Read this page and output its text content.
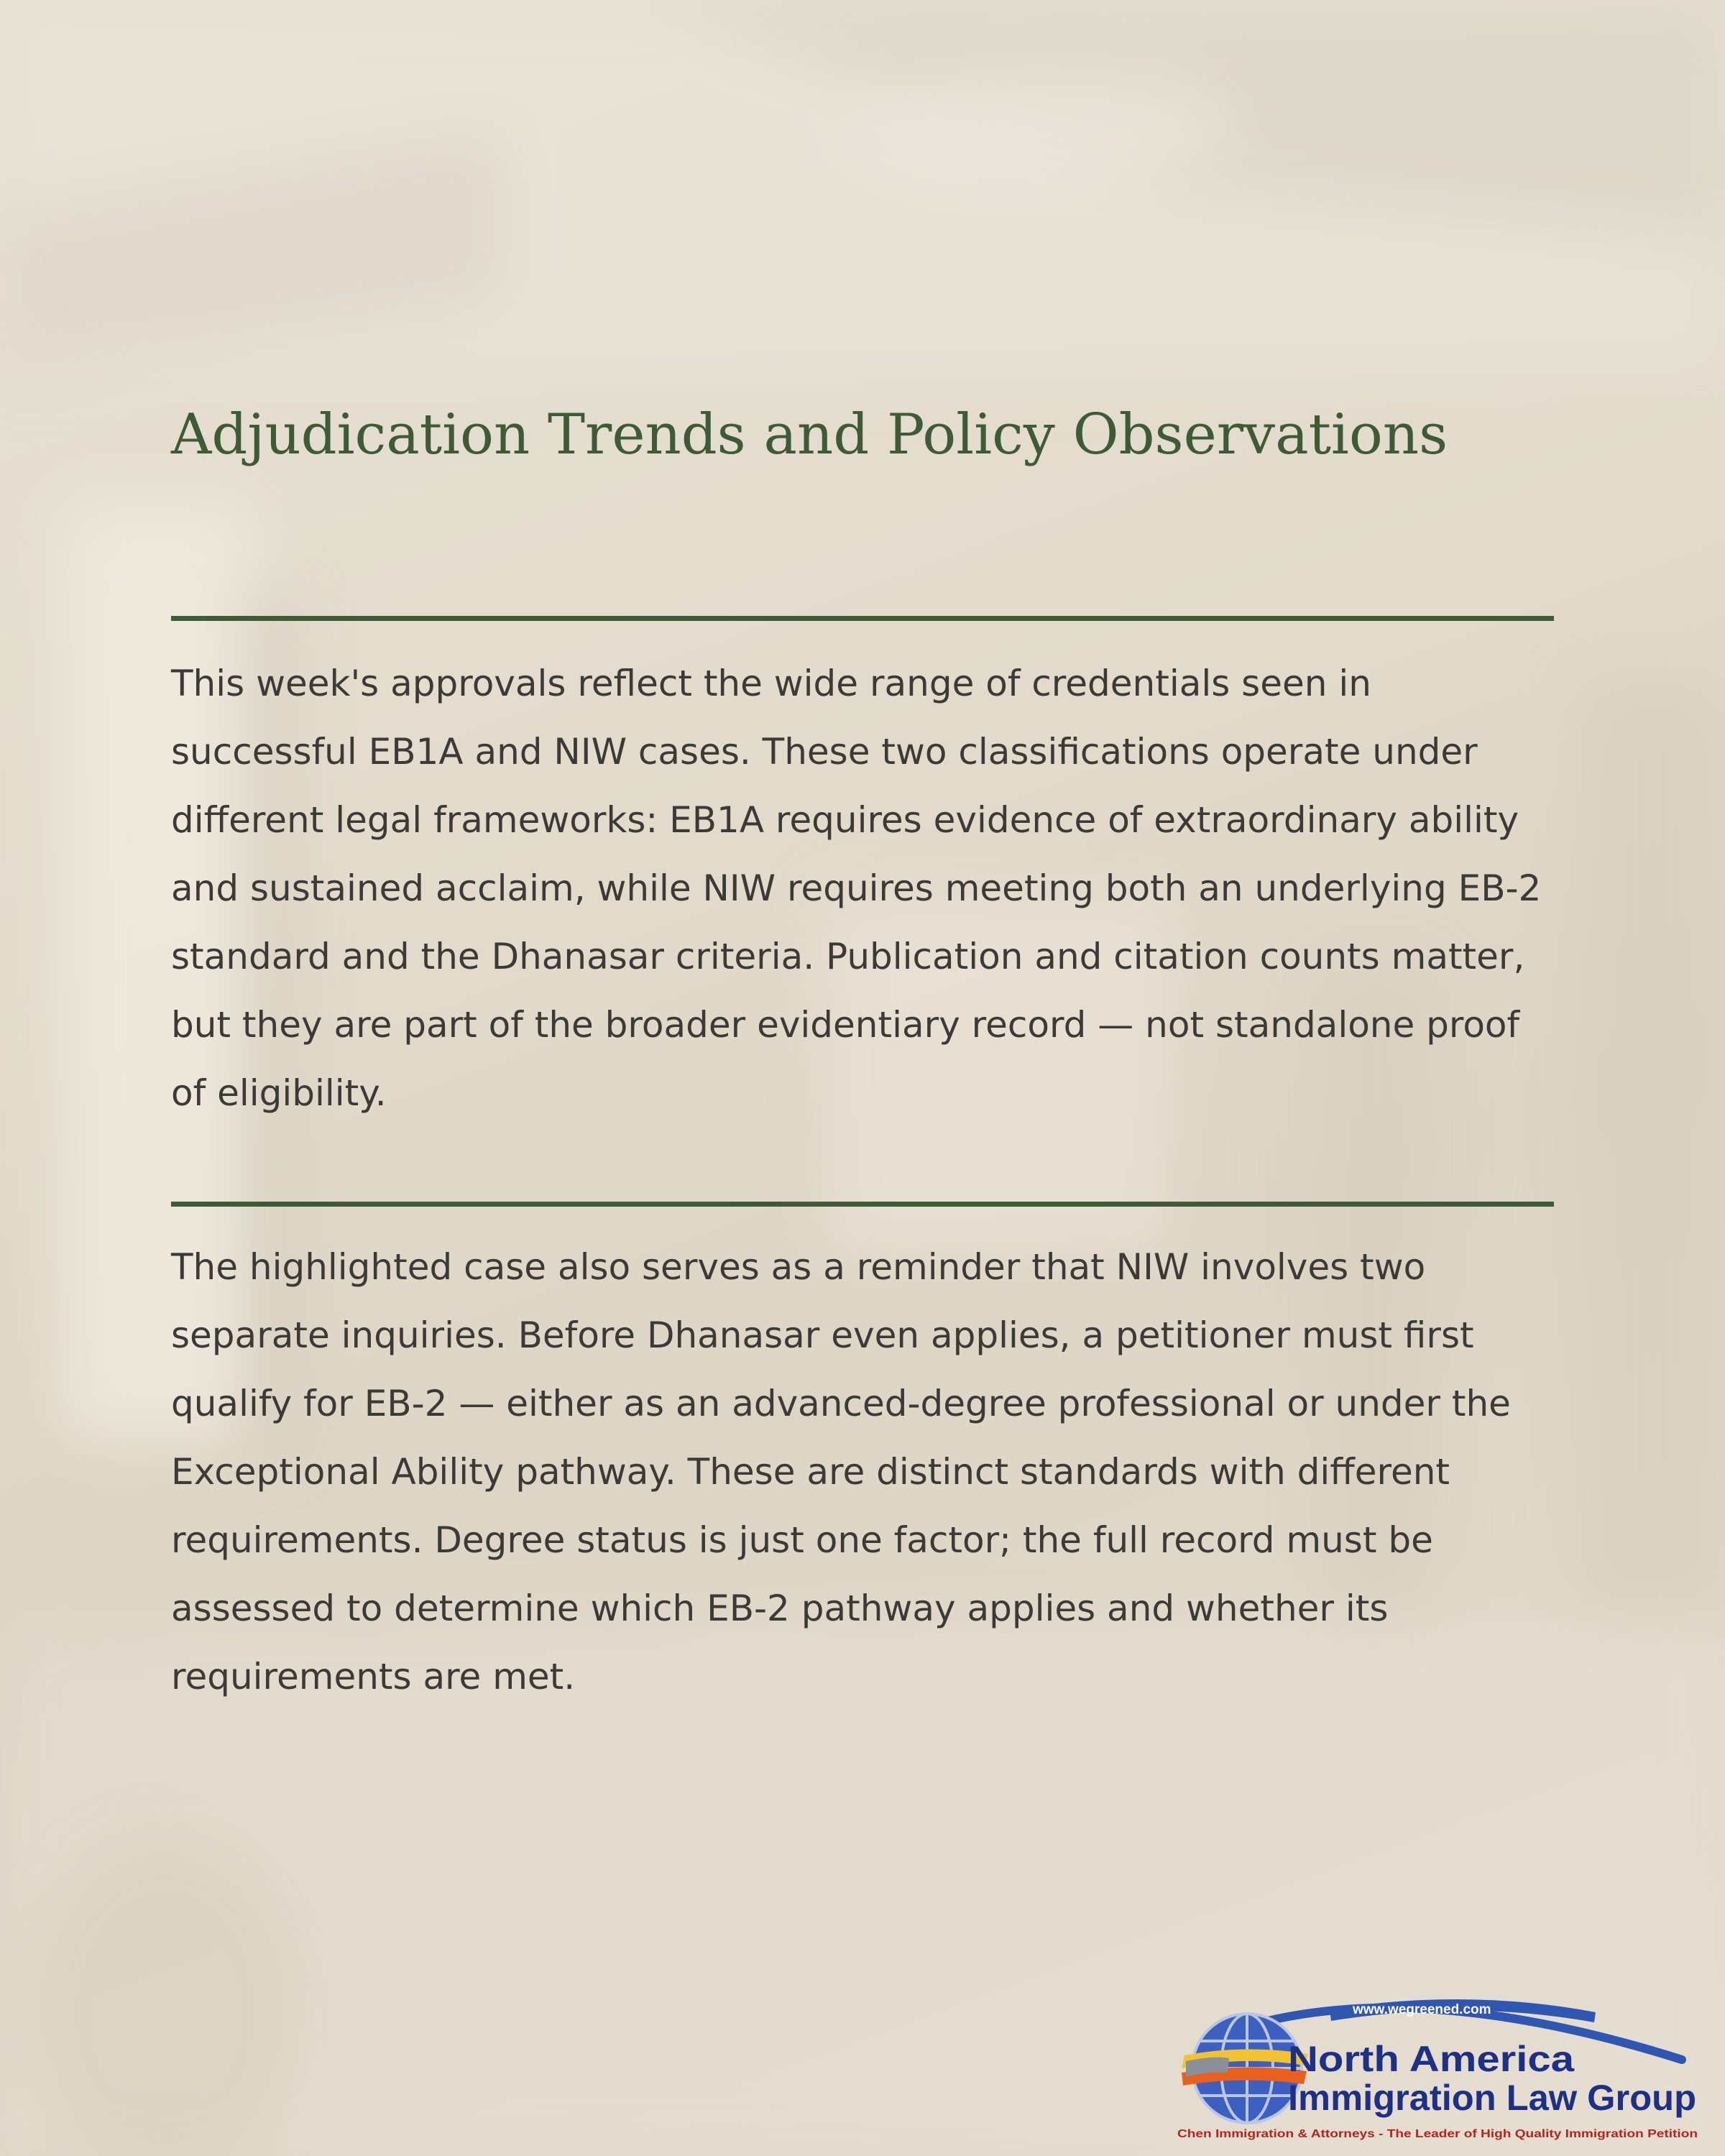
Adjudication Trends and Policy Observations

This week's approvals reflect the wide range of credentials seen in successful EB1A and NIW cases. These two classifications operate under different legal frameworks: EB1A requires evidence of extraordinary ability and sustained acclaim, while NIW requires meeting both an underlying EB-2 standard and the Dhanasar criteria. Publication and citation counts matter, but they are part of the broader evidentiary record — not standalone proof of eligibility.

The highlighted case also serves as a reminder that NIW involves two separate inquiries. Before Dhanasar even applies, a petitioner must first qualify for EB-2 — either as an advanced-degree professional or under the Exceptional Ability pathway. These are distinct standards with different requirements. Degree status is just one factor; the full record must be assessed to determine which EB-2 pathway applies and whether its requirements are met.

www.wegreened.com
North America
Immigration Law Group
Chen Immigration & Attorneys - The Leader of High Quality Immigration Petition
